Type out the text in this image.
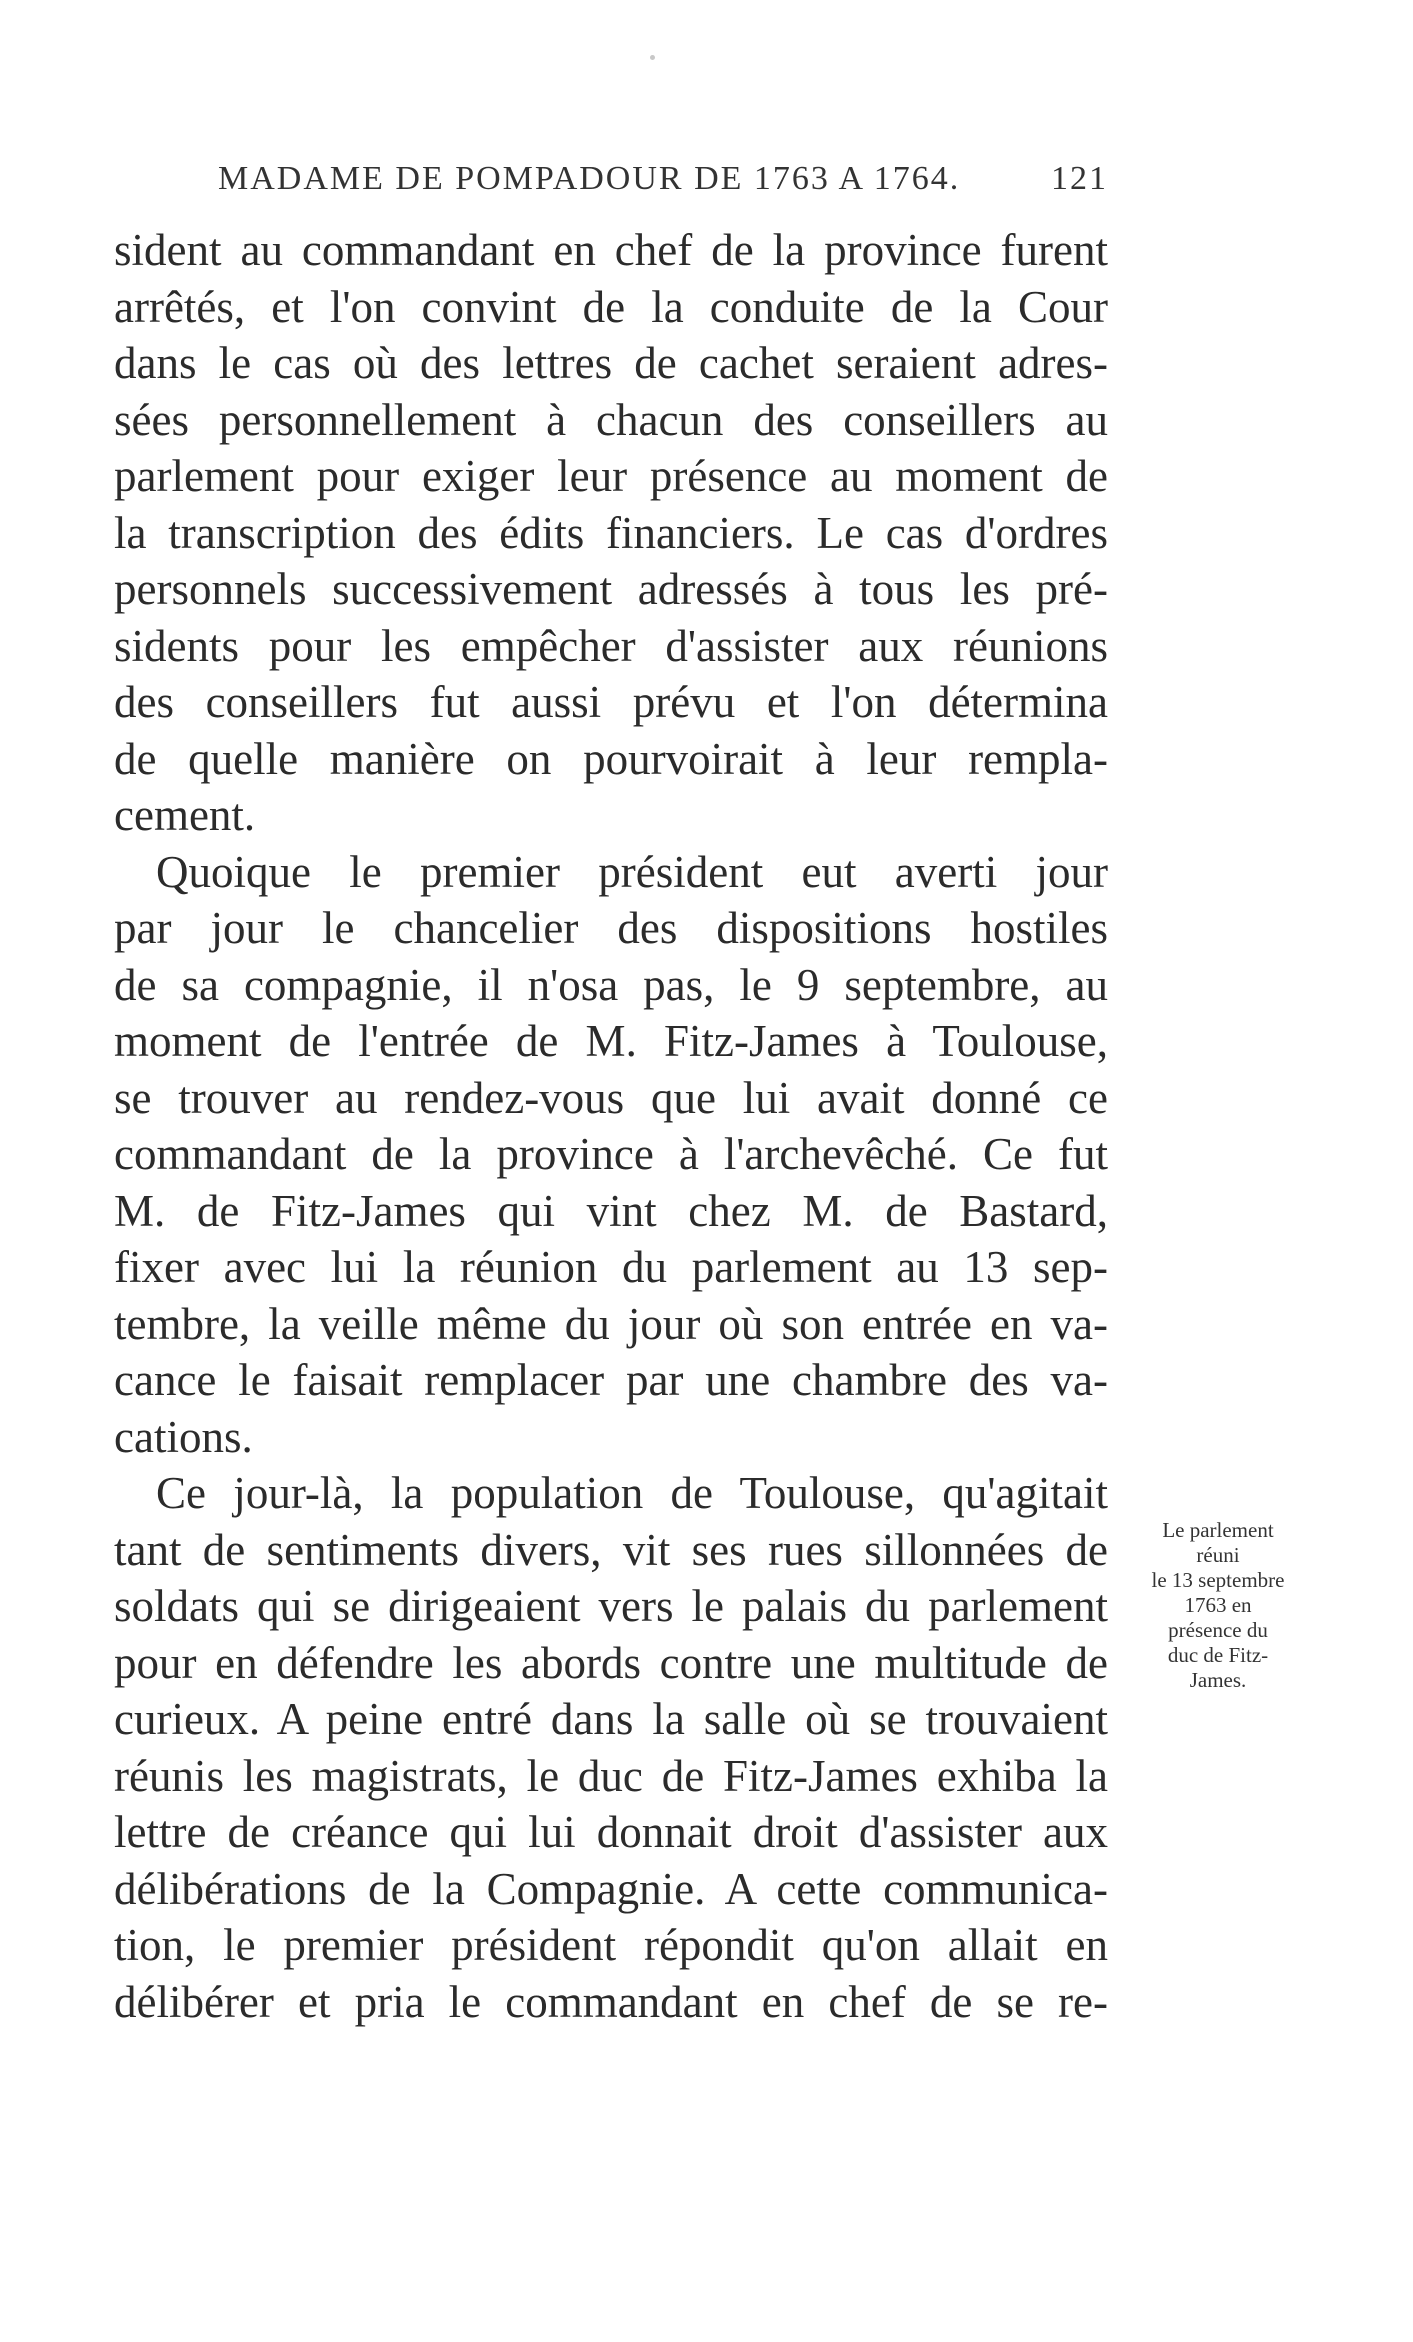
MADAME DE POMPADOUR DE 1763 A 1764.	121
sident au commandant en chef de la province furent
arrêtés, et l'on convint de la conduite de la Cour
dans le cas où des lettres de cachet seraient adres-
sées personnellement à chacun des conseillers au
parlement pour exiger leur présence au moment de
la transcription des édits financiers. Le cas d'ordres
personnels successivement adressés à tous les pré-
sidents pour les empêcher d'assister aux réunions
des conseillers fut aussi prévu et l'on détermina
de quelle manière on pourvoirait à leur rempla-
cement.
Quoique le premier président eut averti jour
par jour le chancelier des dispositions hostiles
de sa compagnie, il n'osa pas, le 9 septembre, au
moment de l'entrée de M. Fitz-James à Toulouse,
se trouver au rendez-vous que lui avait donné ce
commandant de la province à l'archevêché. Ce fut
M. de Fitz-James qui vint chez M. de Bastard,
fixer avec lui la réunion du parlement au 13 sep-
tembre, la veille même du jour où son entrée en va-
cance le faisait remplacer par une chambre des va-
cations.
Ce jour-là, la population de Toulouse, qu'agitait
tant de sentiments divers, vit ses rues sillonnées de
soldats qui se dirigeaient vers le palais du parlement
pour en défendre les abords contre une multitude de
curieux. A peine entré dans la salle où se trouvaient
réunis les magistrats, le duc de Fitz-James exhiba la
lettre de créance qui lui donnait droit d'assister aux
délibérations de la Compagnie. A cette communica-
tion, le premier président répondit qu'on allait en
délibérer et pria le commandant en chef de se re-
Le parlement
réuni
le 13 septembre
1763 en
présence du
duc de Fitz-
James.
